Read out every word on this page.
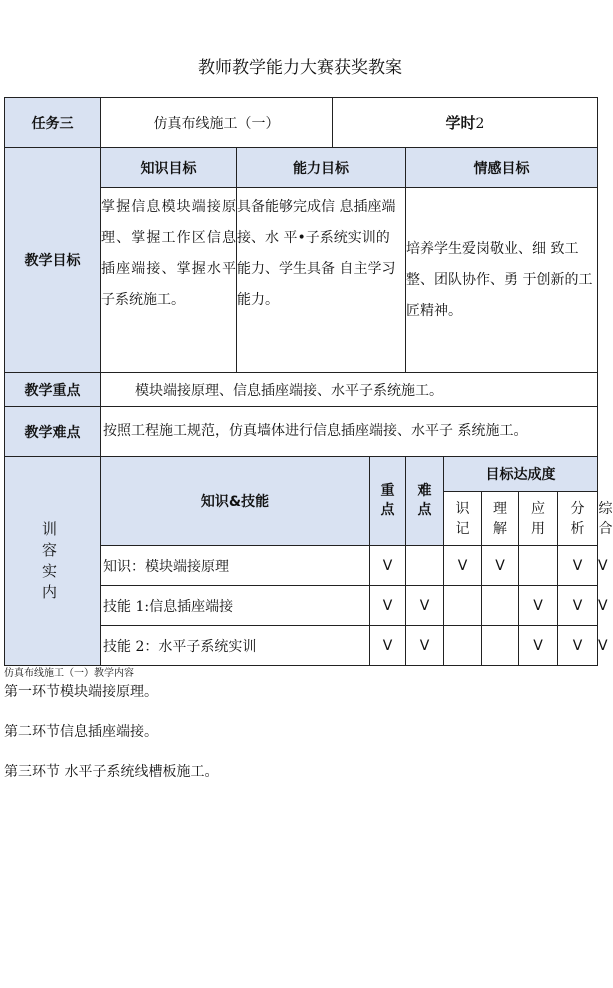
教师教学能力大赛获奖教案
任务三	仿真布线施工（一）		学时2							
教学目标	知识目标	能力目标			情感目标					
	掌握信息模块端接原理、掌握工作区信息插座端接、掌握水平子系统施工。	具备能够完成信 息插座端接、水 平•子系统实训的 能力、学生具备 自主学习能力。			培养学生爱岗敬业、细 致工整、团队协作、勇 于创新的工匠精神。					
教学重点	模块端接原理、信息插座端接、水平子系统施工。									
教学难点	按照工程施工规范，仿真墙体进行信息插座端接、水平子 系统施工。									
训容实内	知识&技能			重点	难点	目标达成度				

						识记	理解	应用	分析	综合

	知识：模块端接原理			V		V	V		V	V
	技能 1:信息插座端接			V	V			V	V	V
	技能 2：水平子系统实训			V	V			V	V	V
仿真布线施工（一）教学内容
第一环节模块端接原理。
第二环节信息插座端接。
第三环节 水平子系统线槽板施工。
